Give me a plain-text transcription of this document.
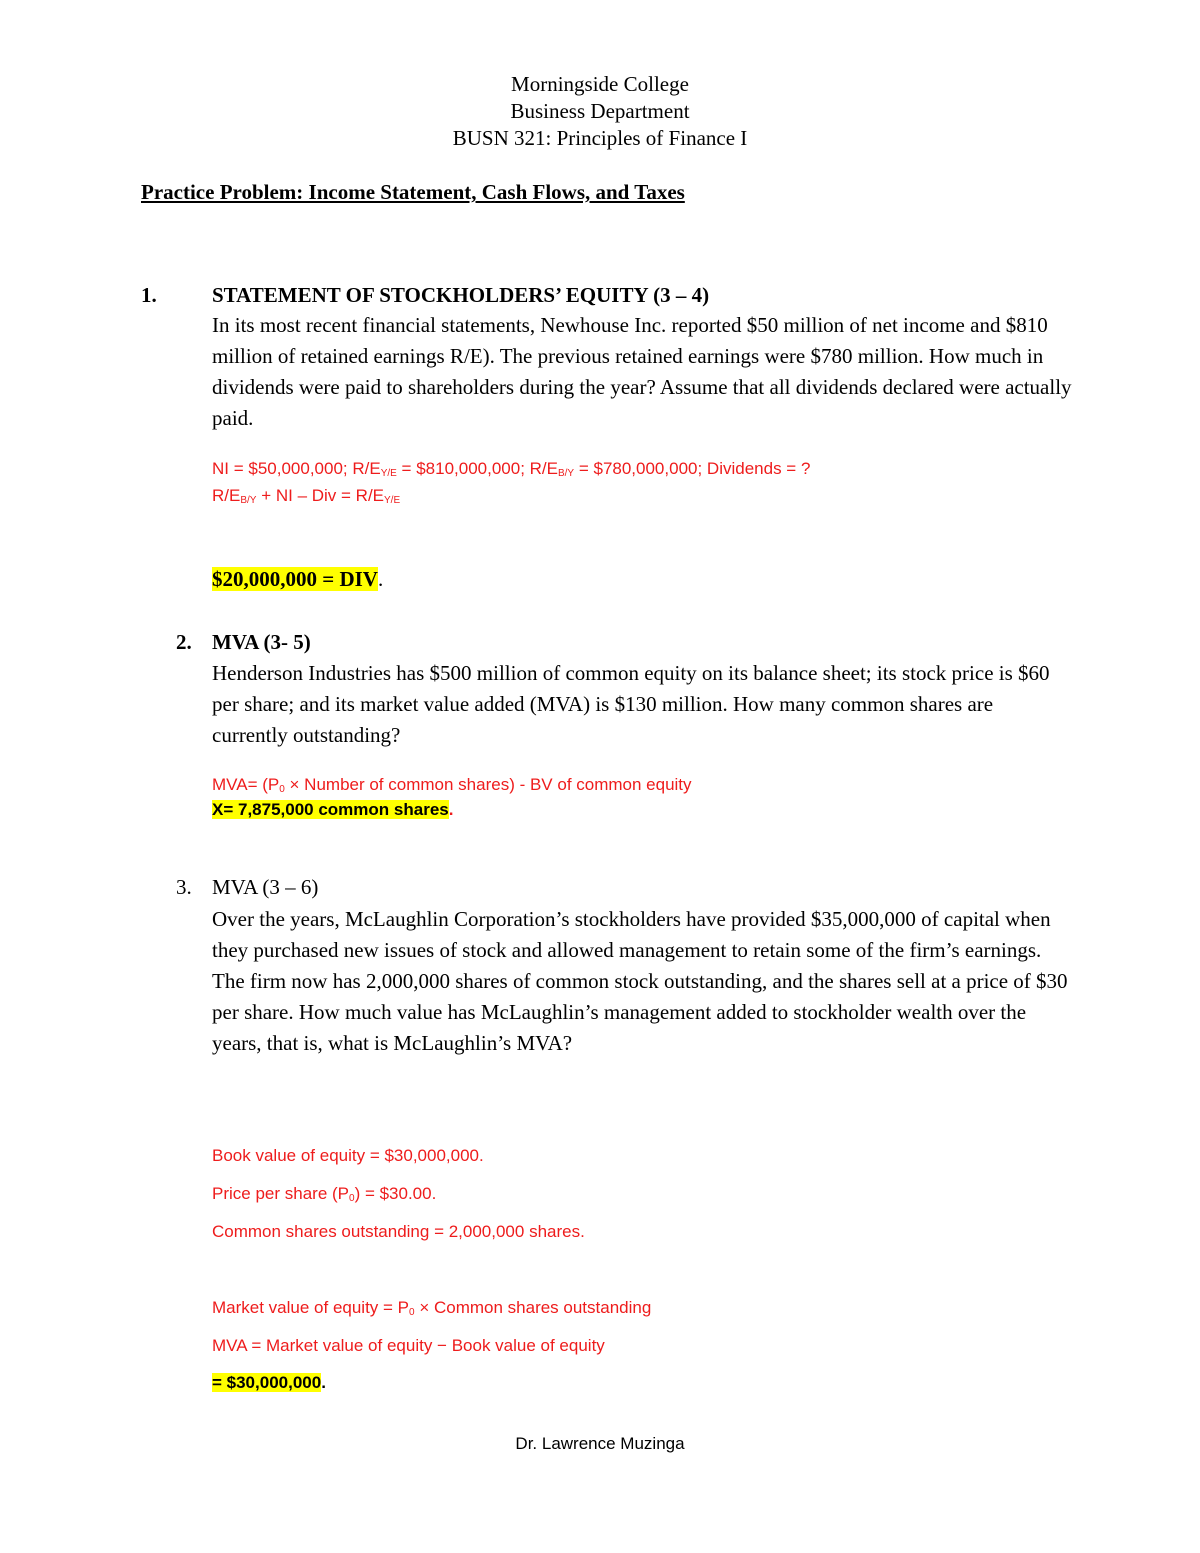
Morningside College
Business Department
BUSN 321: Principles of Finance I
Practice Problem: Income Statement, Cash Flows, and Taxes
1.	STATEMENT OF STOCKHOLDERS’ EQUITY (3 – 4)
In its most recent financial statements, Newhouse Inc. reported $50 million of net income and $810 million of retained earnings R/E). The previous retained earnings were $780 million. How much in dividends were paid to shareholders during the year? Assume that all dividends declared were actually paid.
NI = $50,000,000; $R/E_{Y/E}$ = $810,000,000; $R/E_{B/Y}$ = $780,000,000; Dividends = ?
$R/E_{B/Y}$ + NI – Div = $R/E_{Y/E}$
$20,000,000 = DIV.
2. MVA (3- 5)
Henderson Industries has $500 million of common equity on its balance sheet; its stock price is $60 per share; and its market value added (MVA) is $130 million. How many common shares are currently outstanding?
$MVA= (P_0$ × Number of common shares) - BV of common equity
X= 7,875,000 common shares.
3. MVA (3 – 6)
Over the years, McLaughlin Corporation’s stockholders have provided $35,000,000 of capital when they purchased new issues of stock and allowed management to retain some of the firm’s earnings. The firm now has 2,000,000 shares of common stock outstanding, and the shares sell at a price of $30 per share. How much value has McLaughlin’s management added to stockholder wealth over the years, that is, what is McLaughlin’s MVA?
Book value of equity = $30,000,000.
Price per share $(P_0)$ = $30.00.
Common shares outstanding = 2,000,000 shares.
Market value of equity = $P_0$ × Common shares outstanding
MVA = Market value of equity − Book value of equity
= $30,000,000.
Dr. Lawrence Muzinga
